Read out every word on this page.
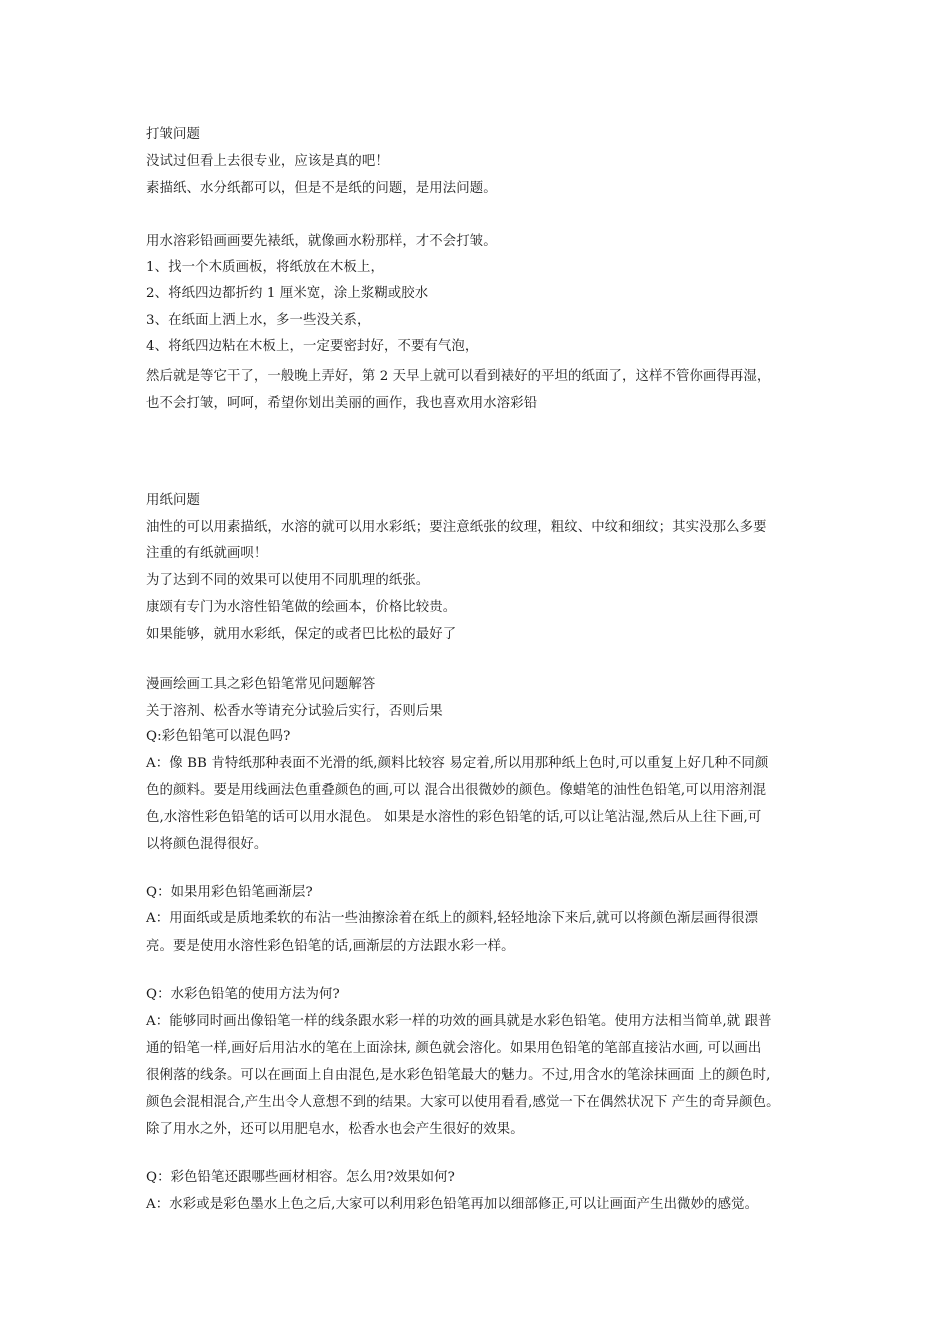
打皱问题
没试过但看上去很专业，应该是真的吧！
素描纸、水分纸都可以，但是不是纸的问题，是用法问题。
用水溶彩铅画画要先裱纸，就像画水粉那样，才不会打皱。
1、找一个木质画板，将纸放在木板上，
2、将纸四边都折约 1 厘米宽，涂上浆糊或胶水
3、在纸面上洒上水，多一些没关系，
4、将纸四边粘在木板上，一定要密封好，不要有气泡，
然后就是等它干了，一般晚上弄好，第 2 天早上就可以看到裱好的平坦的纸面了，这样不管你画得再湿，
也不会打皱，呵呵，希望你划出美丽的画作，我也喜欢用水溶彩铅
用纸问题
油性的可以用素描纸，水溶的就可以用水彩纸；要注意纸张的纹理，粗纹、中纹和细纹；其实没那么多要
注重的有纸就画呗！
为了达到不同的效果可以使用不同肌理的纸张。
康颂有专门为水溶性铅笔做的绘画本，价格比较贵。
如果能够，就用水彩纸，保定的或者巴比松的最好了
漫画绘画工具之彩色铅笔常见问题解答
关于溶剂、松香水等请充分试验后实行，否则后果
Q:彩色铅笔可以混色吗?
A：像 BB 肯特纸那种表面不光滑的纸,颜料比较容 易定着,所以用那种纸上色时,可以重复上好几种不同颜
色的颜料。要是用线画法色重叠颜色的画,可以 混合出很微妙的颜色。像蜡笔的油性色铅笔,可以用溶剂混
色,水溶性彩色铅笔的话可以用水混色。 如果是水溶性的彩色铅笔的话,可以让笔沾湿,然后从上往下画,可
以将颜色混得很好。
Q：如果用彩色铅笔画渐层?
A：用面纸或是质地柔软的布沾一些油擦涂着在纸上的颜料,轻轻地涂下来后,就可以将颜色渐层画得很漂
亮。要是使用水溶性彩色铅笔的话,画渐层的方法跟水彩一样。
Q：水彩色铅笔的使用方法为何?
A：能够同时画出像铅笔一样的线条跟水彩一样的功效的画具就是水彩色铅笔。使用方法相当简单,就 跟普
通的铅笔一样,画好后用沾水的笔在上面涂抹, 颜色就会溶化。如果用色铅笔的笔部直接沾水画, 可以画出
很俐落的线条。可以在画面上自由混色,是水彩色铅笔最大的魅力。不过,用含水的笔涂抹画面 上的颜色时,
颜色会混相混合,产生出令人意想不到的结果。大家可以使用看看,感觉一下在偶然状况下 产生的奇异颜色。
除了用水之外，还可以用肥皂水，松香水也会产生很好的效果。
Q：彩色铅笔还跟哪些画材相容。怎么用?效果如何?
A：水彩或是彩色墨水上色之后,大家可以利用彩色铅笔再加以细部修正,可以让画面产生出微妙的感觉。
